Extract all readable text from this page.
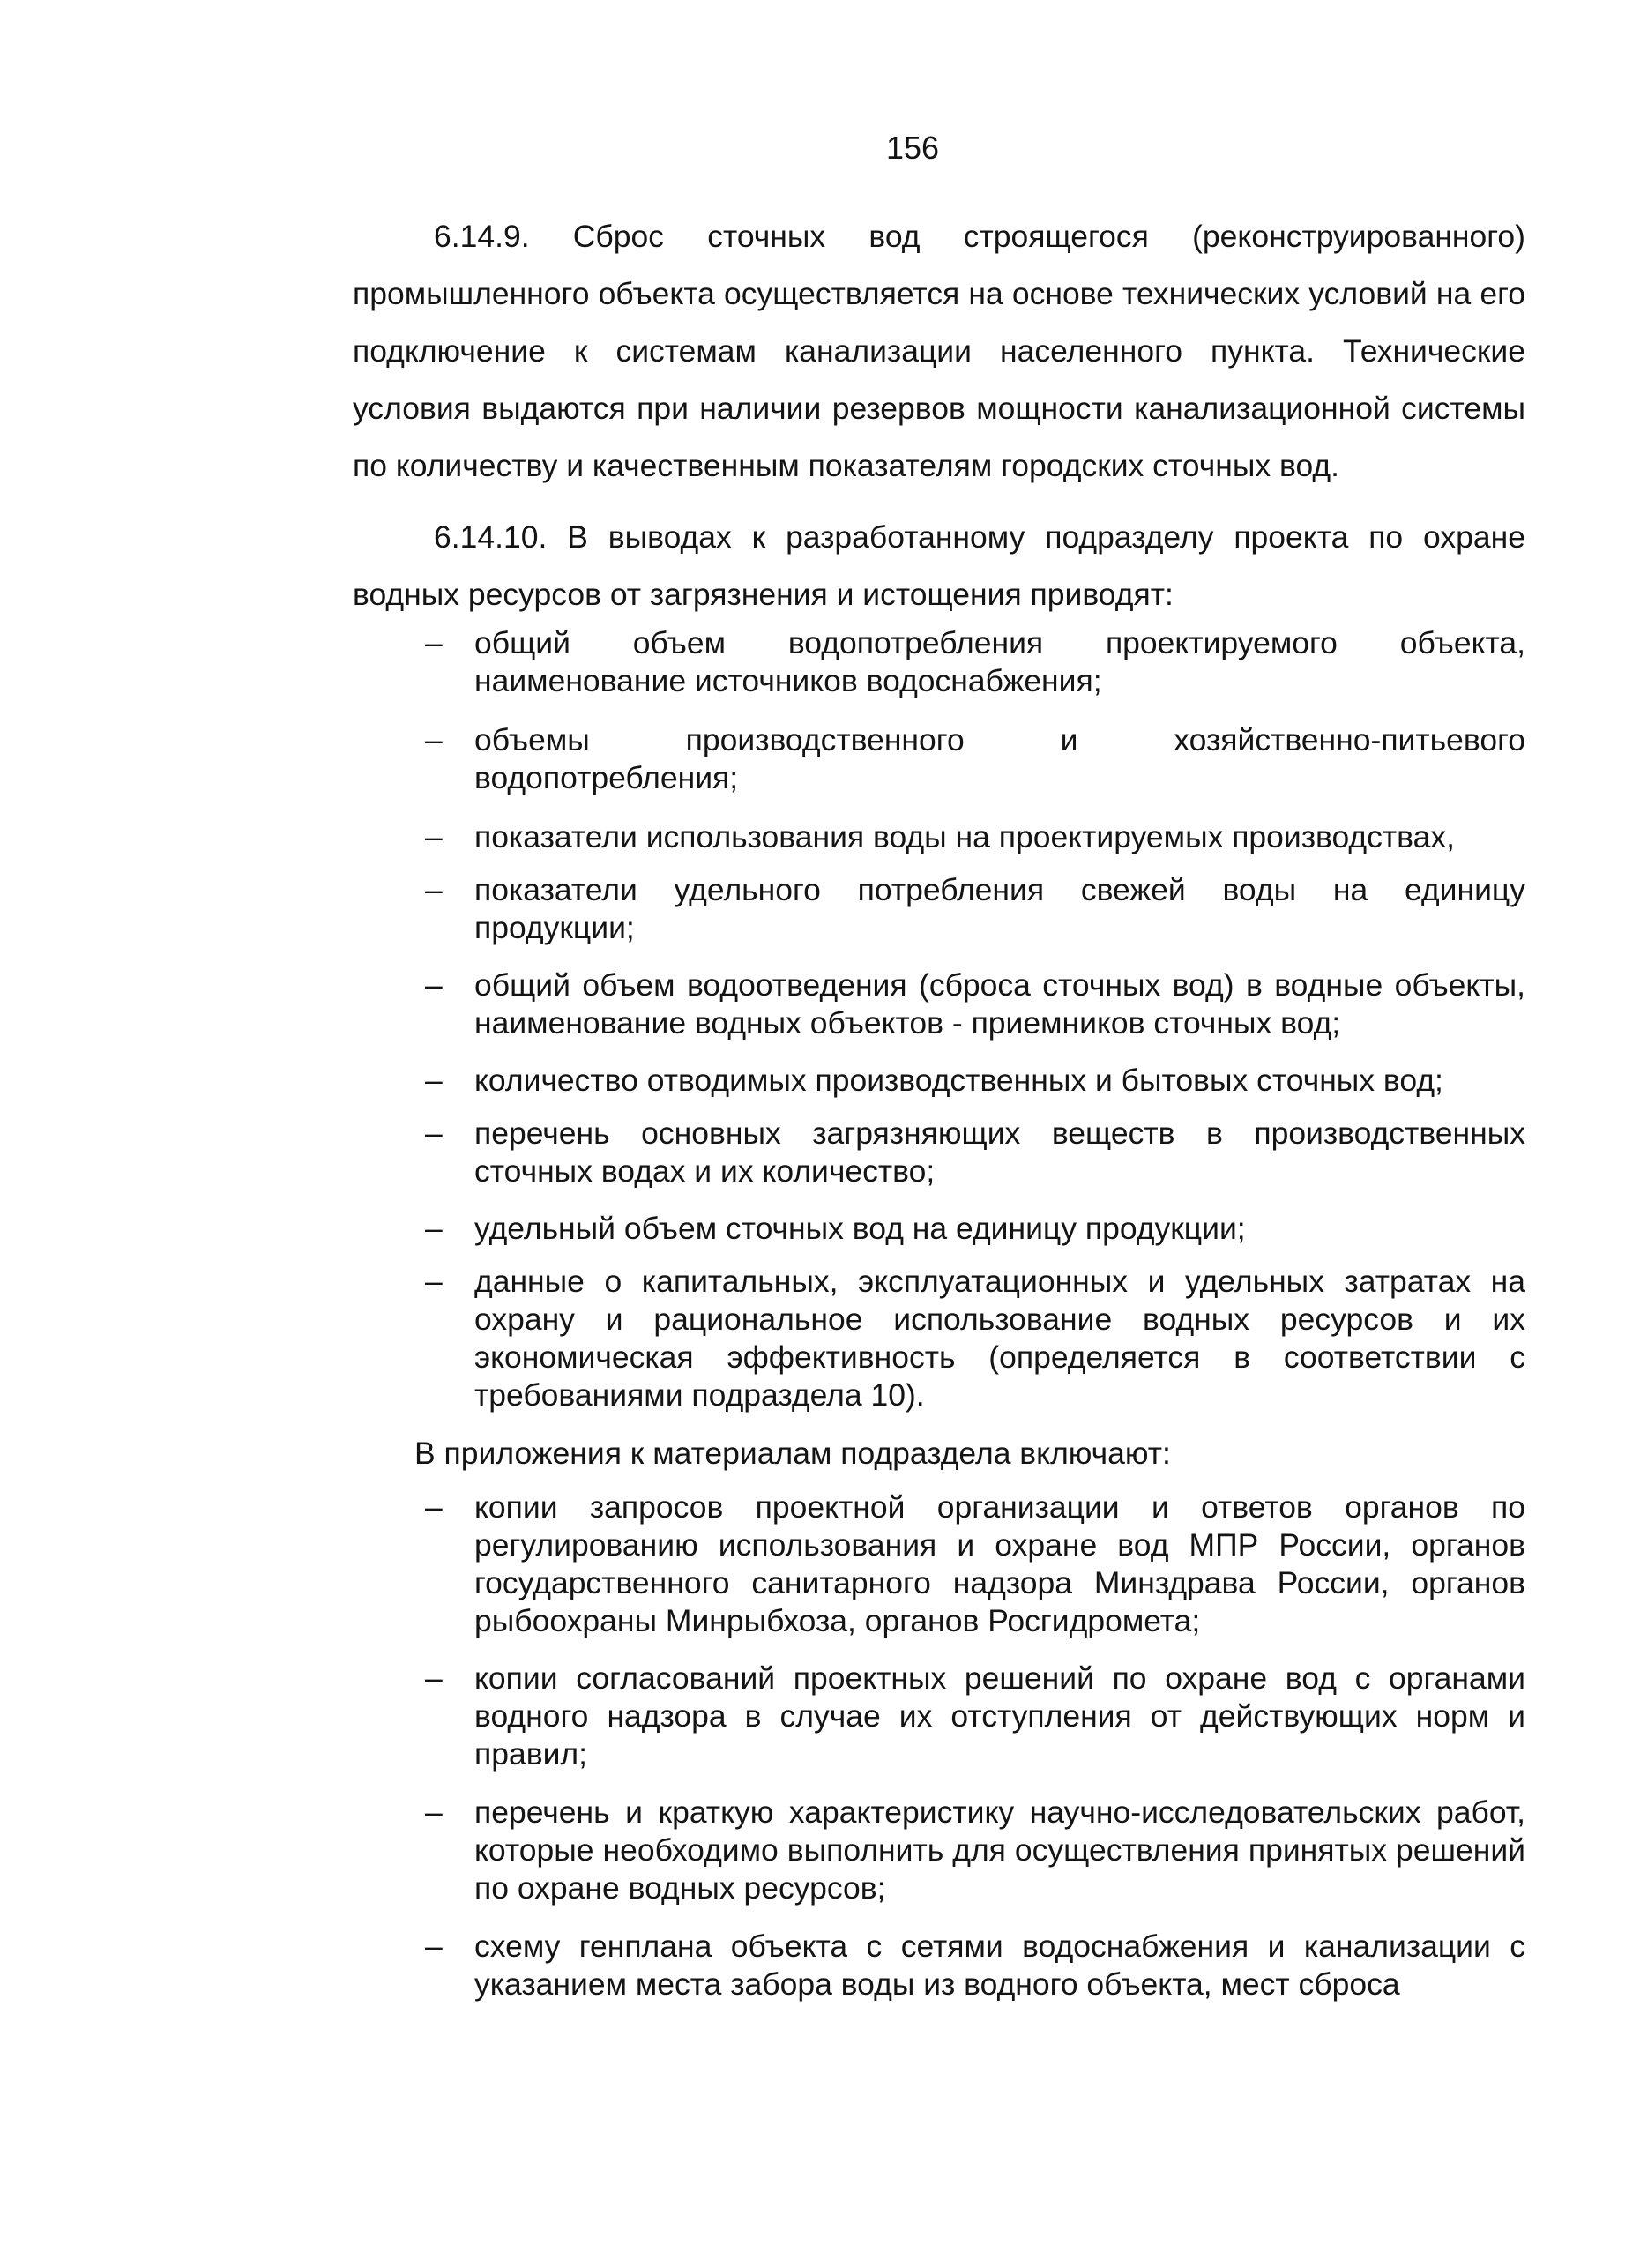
156

6.14.9. Сброс сточных вод строящегося (реконструированного) промышленного объекта осуществляется на основе технических условий на его подключение к системам канализации населенного пункта. Технические условия выдаются при наличии резервов мощности канализационной системы по количеству и качественным показателям городских сточных вод.

6.14.10. В выводах к разработанному подразделу проекта по охране водных ресурсов от загрязнения и истощения приводят:

– общий объем водопотребления проектируемого объекта, наименование источников водоснабжения;
– объемы производственного и хозяйственно-питьевого водопотребления;
– показатели использования воды на проектируемых производствах,
– показатели удельного потребления свежей воды на единицу продукции;
– общий объем водоотведения (сброса сточных вод) в водные объекты, наименование водных объектов - приемников сточных вод;
– количество отводимых производственных и бытовых сточных вод;
– перечень основных загрязняющих веществ в производственных сточных водах и их количество;
– удельный объем сточных вод на единицу продукции;
– данные о капитальных, эксплуатационных и удельных затратах на охрану и рациональное использование водных ресурсов и их экономическая эффективность (определяется в соответствии с требованиями подраздела 10).

В приложения к материалам подраздела включают:

– копии запросов проектной организации и ответов органов по регулированию использования и охране вод МПР России, органов государственного санитарного надзора Минздрава России, органов рыбоохраны Минрыбхоза, органов Росгидромета;
– копии согласований проектных решений по охране вод с органами водного надзора в случае их отступления от действующих норм и правил;
– перечень и краткую характеристику научно-исследовательских работ, которые необходимо выполнить для осуществления принятых решений по охране водных ресурсов;
– схему генплана объекта с сетями водоснабжения и канализации с указанием места забора воды из водного объекта, мест сброса
